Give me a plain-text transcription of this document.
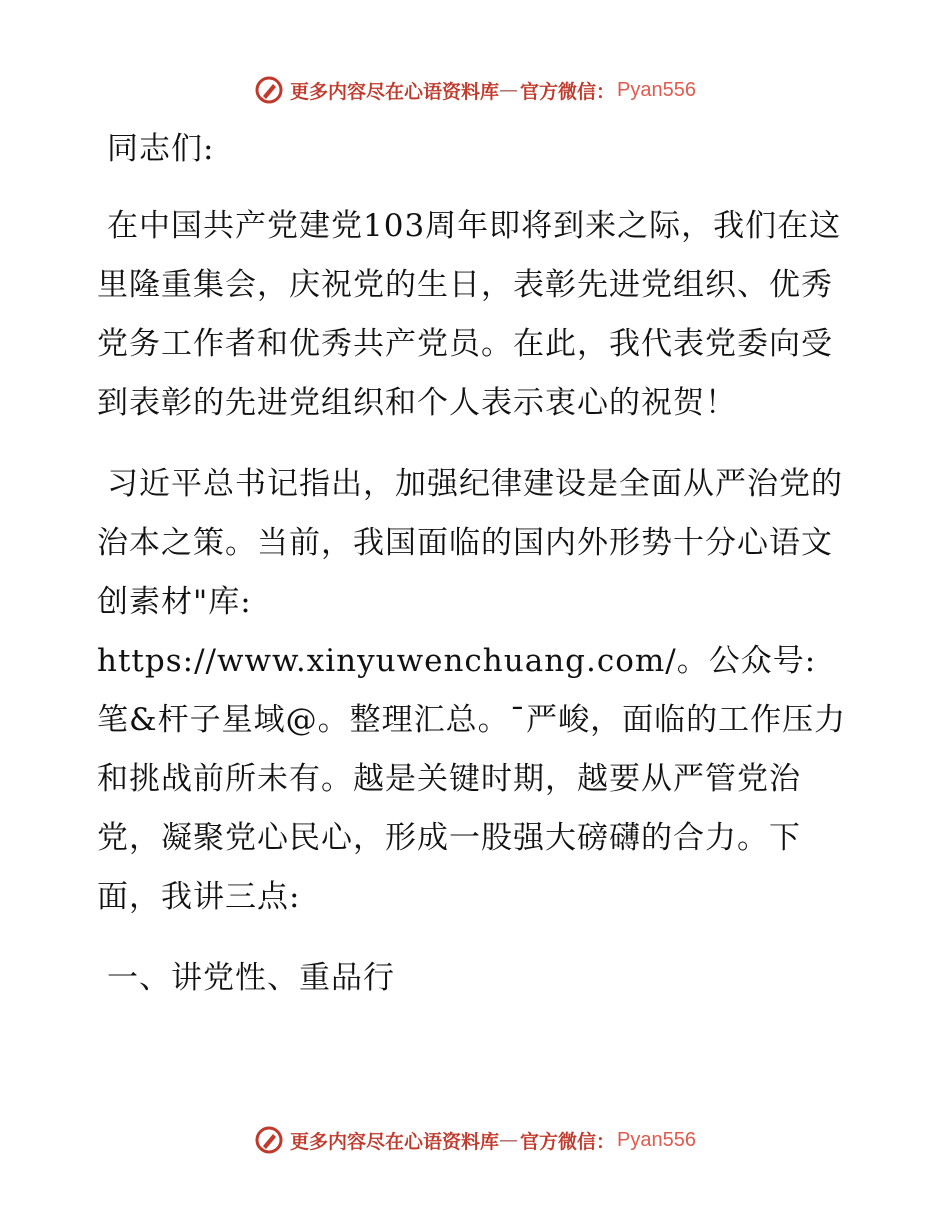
更多内容尽在心语资料库 — 官方微信： Pyan556

同志们:

在中国共产党建党103周年即将到来之际，我们在这里隆重集会，庆祝党的生日，表彰先进党组织、优秀党务工作者和优秀共产党员。在此，我代表党委向受到表彰的先进党组织和个人表示衷心的祝贺！

习近平总书记指出，加强纪律建设是全面从严治党的治本之策。当前，我国面临的国内外形势十分心语文创素材"库: https://www.xinyuwenchuang.com/。公众号: 笔&杆子星域@。整理汇总。¯严峻，面临的工作压力和挑战前所未有。越是关键时期，越要从严管党治党，凝聚党心民心，形成一股强大磅礴的合力。下面，我讲三点:

一、讲党性、重品行

更多内容尽在心语资料库 — 官方微信： Pyan556
